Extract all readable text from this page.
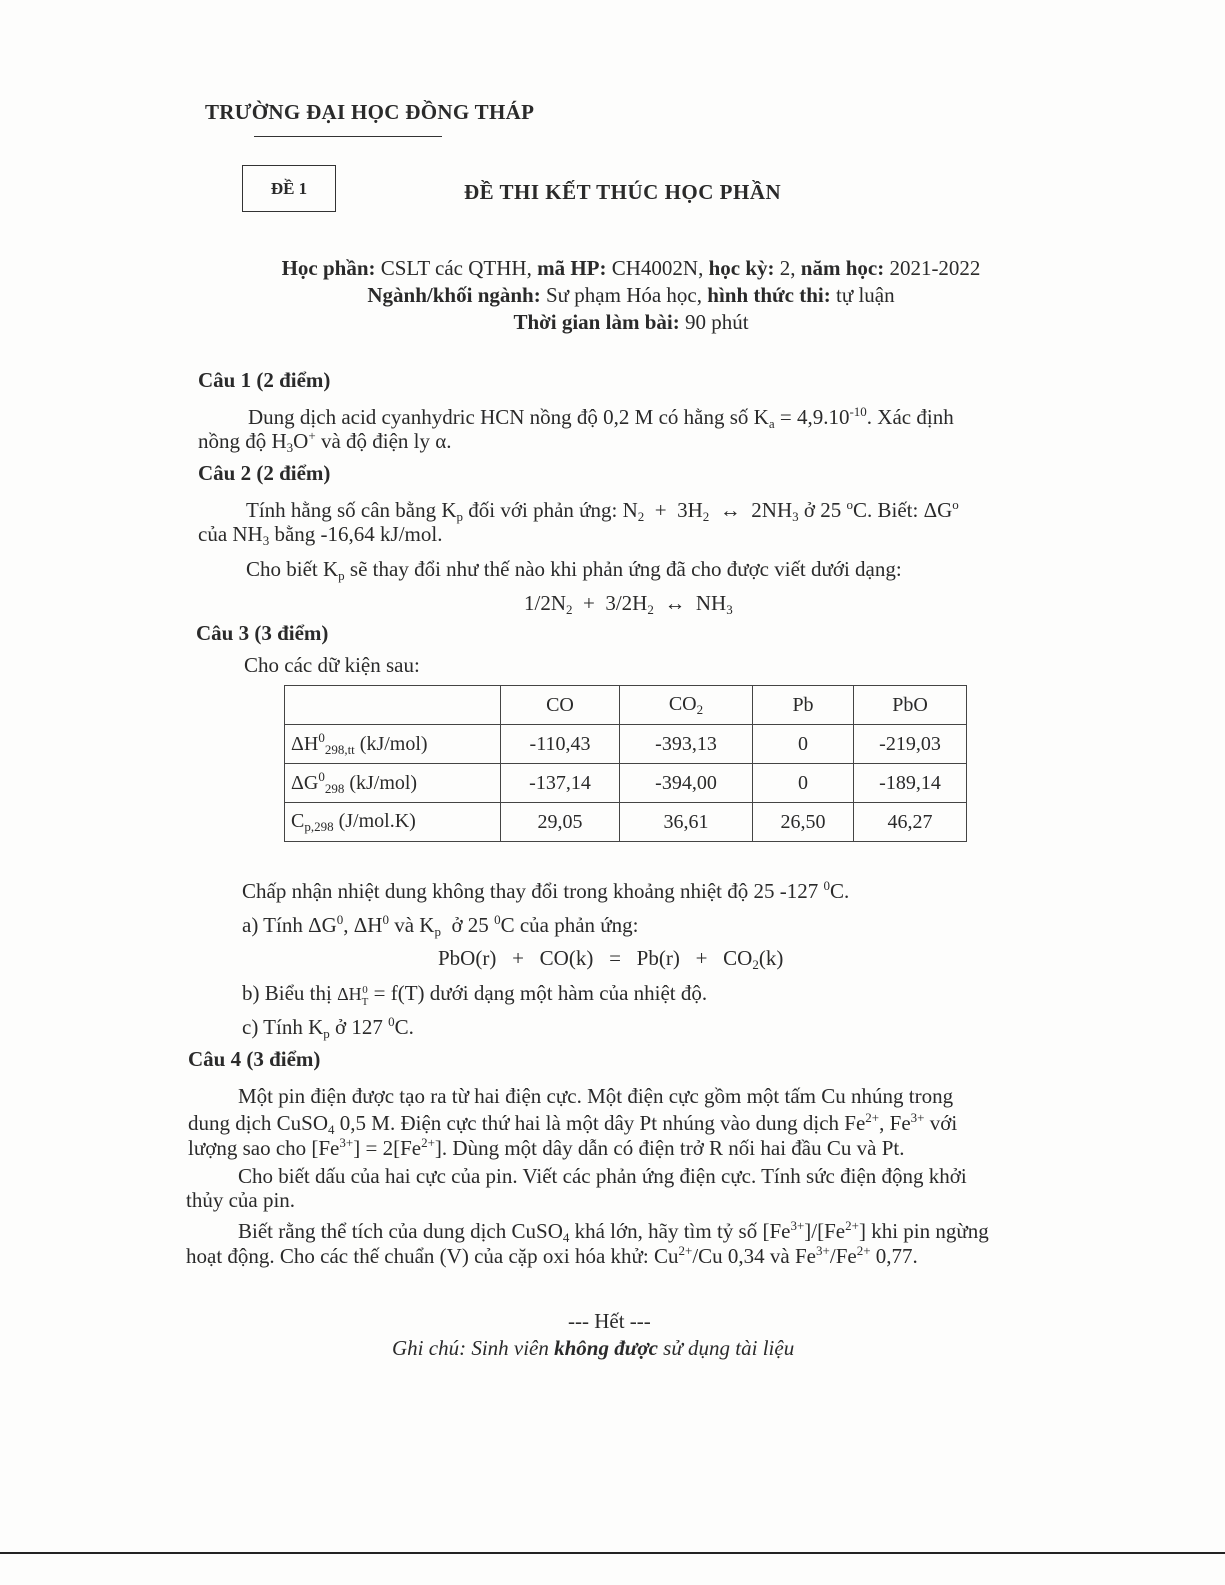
TRƯỜNG ĐẠI HỌC ĐỒNG THÁP
ĐỀ 1	ĐỀ THI KẾT THÚC HỌC PHẦN
Học phần: CSLT các QTHH, mã HP: CH4002N, học kỳ: 2, năm học: 2021-2022
Ngành/khối ngành: Sư phạm Hóa học, hình thức thi: tự luận
Thời gian làm bài: 90 phút
Câu 1 (2 điểm)
Dung dịch acid cyanhydric HCN nồng độ 0,2 M có hằng số $K_a = 4,9.10^{-10}$. Xác định
nồng độ $H_3O^+$ và độ điện ly α.
Câu 2 (2 điểm)
Tính hằng số cân bằng $K_p$ đối với phản ứng: $N_2 + 3H_2$  ↔  $2NH_3$ ở 25 $^o$C. Biết: $\Delta G^o$
của $NH_3$ bằng -16,64 kJ/mol.
Cho biết $K_p$ sẽ thay đổi như thế nào khi phản ứng đã cho được viết dưới dạng:
$1/2N_2 + 3/2H_2$  ↔  $NH_3$
Câu 3 (3 điểm)
Cho các dữ kiện sau:
	CO	$CO_2$	Pb	PbO
$\Delta H^0_{298,tt}$ (kJ/mol)	-110,43	-393,13	0	-219,03
$\Delta G^0_{298}$ (kJ/mol)	-137,14	-394,00	0	-189,14
$C_{p,298}$ (J/mol.K)	29,05	36,61	26,50	46,27
Chấp nhận nhiệt dung không thay đổi trong khoảng nhiệt độ 25 -127 $^0$C.
a) Tính $\Delta G^0$, $\Delta H^0$ và $K_p$  ở 25 $^0$C của phản ứng:
$PbO(r) + CO(k) = Pb(r) + CO_2(k)$
b) Biểu thị ΔH 0
T = f(T) dưới dạng một hàm của nhiệt độ.
c) Tính $K_p$ ở 127 $^0$C.
Câu 4 (3 điểm)
Một pin điện được tạo ra từ hai điện cực. Một điện cực gồm một tấm Cu nhúng trong
dung dịch CuSO$_4$ 0,5 M. Điện cực thứ hai là một dây Pt nhúng vào dung dịch $Fe^{2+}$, $Fe^{3+}$ với
lượng sao cho $[Fe^{3+}] = 2[Fe^{2+}]$. Dùng một dây dẫn có điện trở R nối hai đầu Cu và Pt.
Cho biết dấu của hai cực của pin. Viết các phản ứng điện cực. Tính sức điện động khởi
thủy của pin.
Biết rằng thể tích của dung dịch CuSO$_4$ khá lớn, hãy tìm tỷ số $[Fe^{3+}]/[Fe^{2+}]$ khi pin ngừng
hoạt động. Cho các thế chuẩn (V) của cặp oxi hóa khử: $Cu^{2+}/Cu$ 0,34 và $Fe^{3+}/Fe^{2+}$ 0,77.
--- Hết ---
Ghi chú: Sinh viên không được sử dụng tài liệu
